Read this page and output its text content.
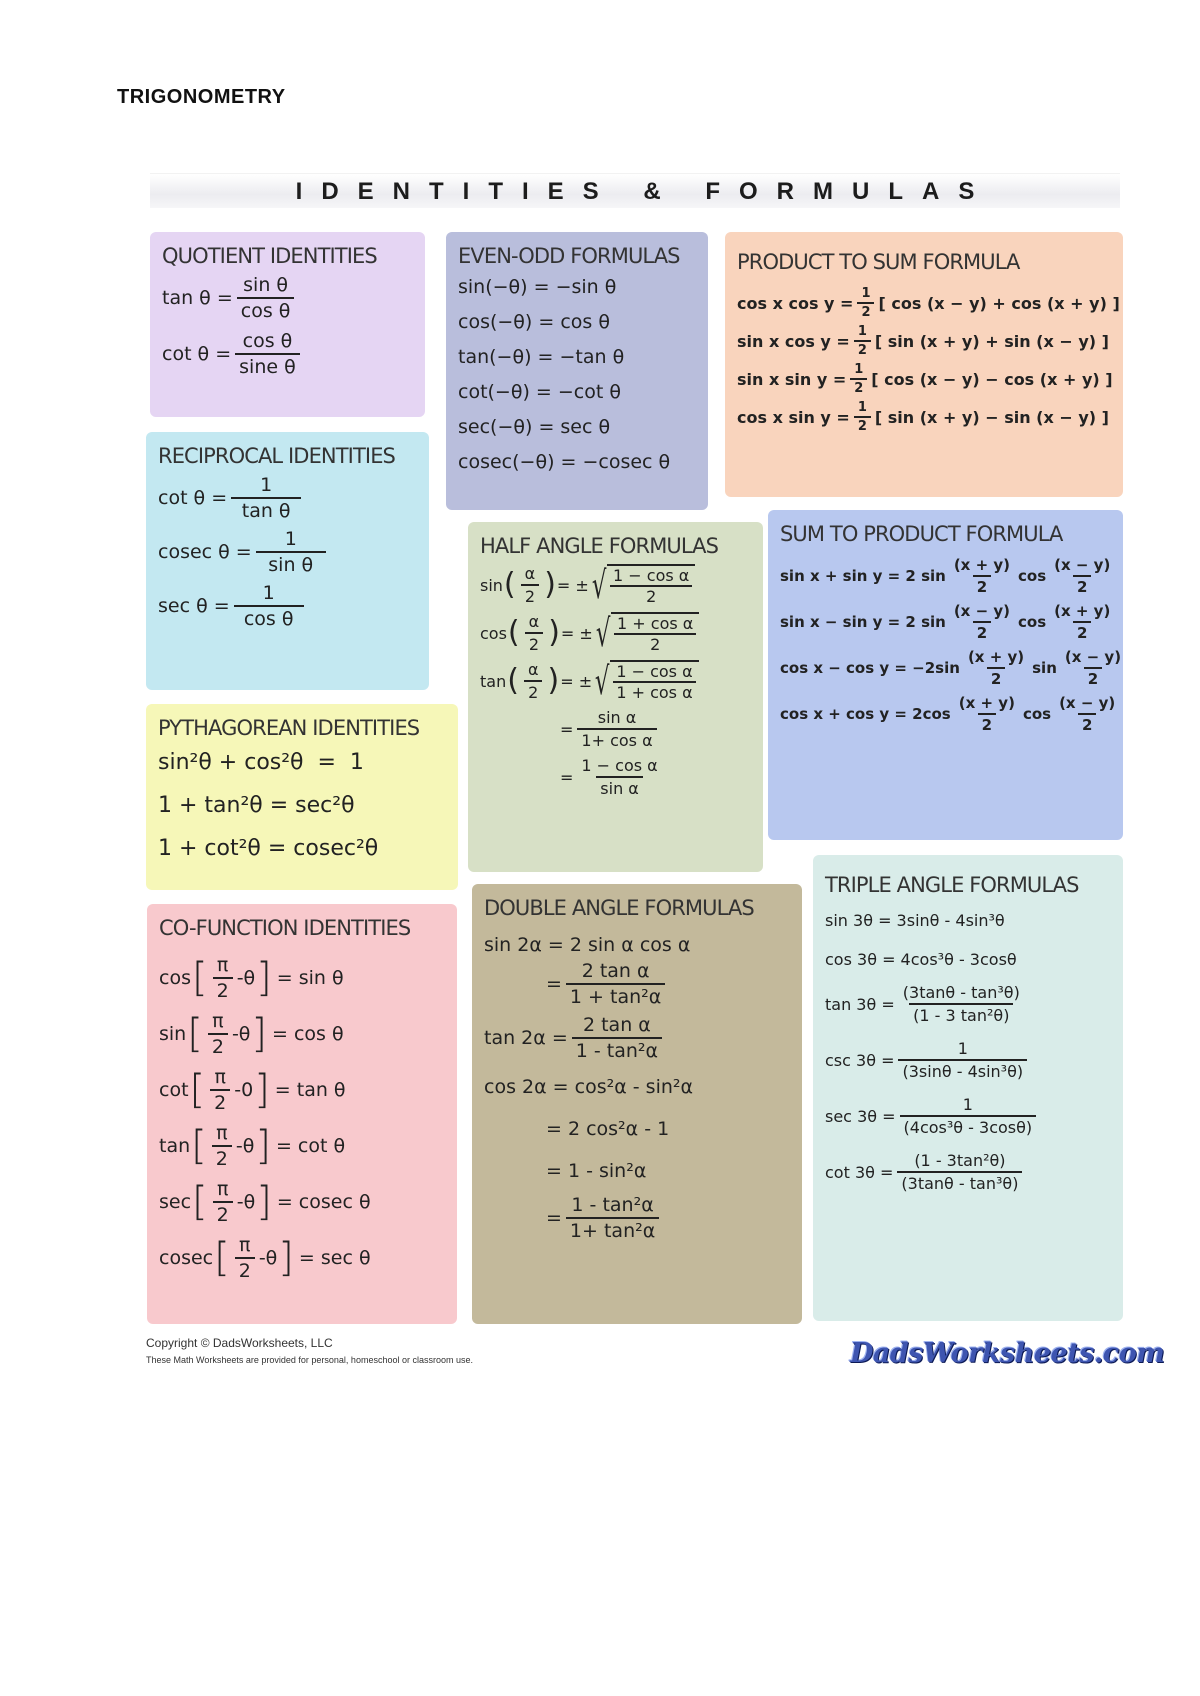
TRIGONOMETRY
IDENTITIES & FORMULAS
QUOTIENT IDENTITIES
$\tan \theta = \frac{\text{sin θ}}{\text{cos θ}}$
$\cot \theta = \frac{\text{cos θ}}{\text{sine θ}}$
RECIPROCAL IDENTITIES
$\cot \theta = \frac{1}{\text{tan θ}}$
cosec $\theta = \frac{1}{\text{sin θ}}$
$\sec \theta = \frac{1}{\text{cos θ}}$
PYTHAGOREAN IDENTITIES
sin²θ + cos²θ  =  1
1 + tan²θ = sec²θ
1 + cot²θ = cosec²θ
CO-FUNCTION IDENTITIES
cos [ π
2
-θ ] = sin θ
sin [ π
2
-θ ] = cos θ
cot [ π
2
-0 ] = tan θ
tan [ π
2
-θ ] = cot θ
sec [ π
2
-θ ] = cosec θ
cosec [ π
2
-θ ] = sec θ
EVEN-ODD FORMULAS
sin(−θ) = −sin θ
cos(−θ) = cos θ
tan(−θ) = −tan θ
cot(−θ) = −cot θ
sec(−θ) = sec θ
cosec(−θ) = −cosec θ
HALF ANGLE FORMULAS
sin ( α
2 ) = ± √ 1 − cos α
2
cos ( α
2 ) = ± √ 1 + cos α
2
tan ( α
2 ) = ± √ 1 − cos α
1 + cos α
= $\frac{\text{sin α}}{\text{1+ cos α}}$
= $\frac{\text{1 − cos α}}{\text{sin α}}$
DOUBLE ANGLE FORMULAS
sin 2α = 2 sin α cos α
= $\frac{\text{2 tan α}}{\text{1 + tan²α}}$
$\tan 2\alpha = \frac{\text{2 tan α}}{\text{1 - tan²α}}$
cos 2α = cos²α - sin²α
= 2 cos²α - 1
= 1 - sin²α
= $\frac{\text{1 - tan²α}}{\text{1+ tan²α}}$
PRODUCT TO SUM FORMULA
cos x $\cos y = \frac{1}{2}$ [ cos (x − y) + cos (x + y) ]
sin x $\cos y = \frac{1}{2}$ [ sin (x + y) + sin (x − y) ]
sin x $\sin y = \frac{1}{2}$ [ cos (x − y) − cos (x + y) ]
cos x $\sin y = \frac{1}{2}$ [ sin (x + y) − sin (x − y) ]
SUM TO PRODUCT FORMULA
sin x + sin y = 2 sin
(x + y)
2
cos
(x − y)
2
sin x − sin y = 2 sin
(x − y)
2
cos
(x + y)
2
cos x − cos y = −2sin
(x + y)
2
sin
(x − y)
2
cos x + cos y = 2cos
(x + y)
2
cos
(x − y)
2
TRIPLE ANGLE FORMULAS
sin 3θ = 3sinθ - 4sin³θ
cos 3θ = 4cos³θ - 3cosθ
$\tan 3\theta = \frac{\text{(3tanθ - tan³θ)}}{\text{(1 - 3 tan²θ)}}$
$\csc 3\theta = \frac{1}{\text{(3sinθ - 4sin³θ)}}$
$\sec 3\theta = \frac{1}{\text{(4cos³θ - 3cosθ)}}$
$\cot 3\theta = \frac{\text{(1 - 3tan²θ)}}{\text{(3tanθ - tan³θ)}}$
Copyright © DadsWorksheets, LLC
These Math Worksheets are provided for personal, homeschool or classroom use.	DadsWorksheets.com
